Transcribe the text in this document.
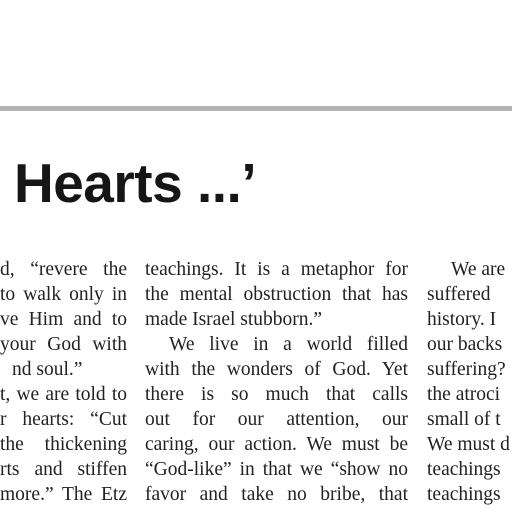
Hearts ...’
d, “revere the
to walk only in
ve Him and to
your God with
nd soul.”
t, we are told to
r hearts: “Cut
the thickening
rts and stiffen
more.” The Etz
teachings. It is a metaphor for
the mental obstruction that has
made Israel stubborn.”
We live in a world filled
with the wonders of God. Yet
there is so much that calls
out for our attention, our
caring, our action. We must be
“God-like” in that we “show no
favor and take no bribe, that
We are
suffered
history. I
our backs
suffering?
the atroci
small of t
We must d
teachings
teachings
